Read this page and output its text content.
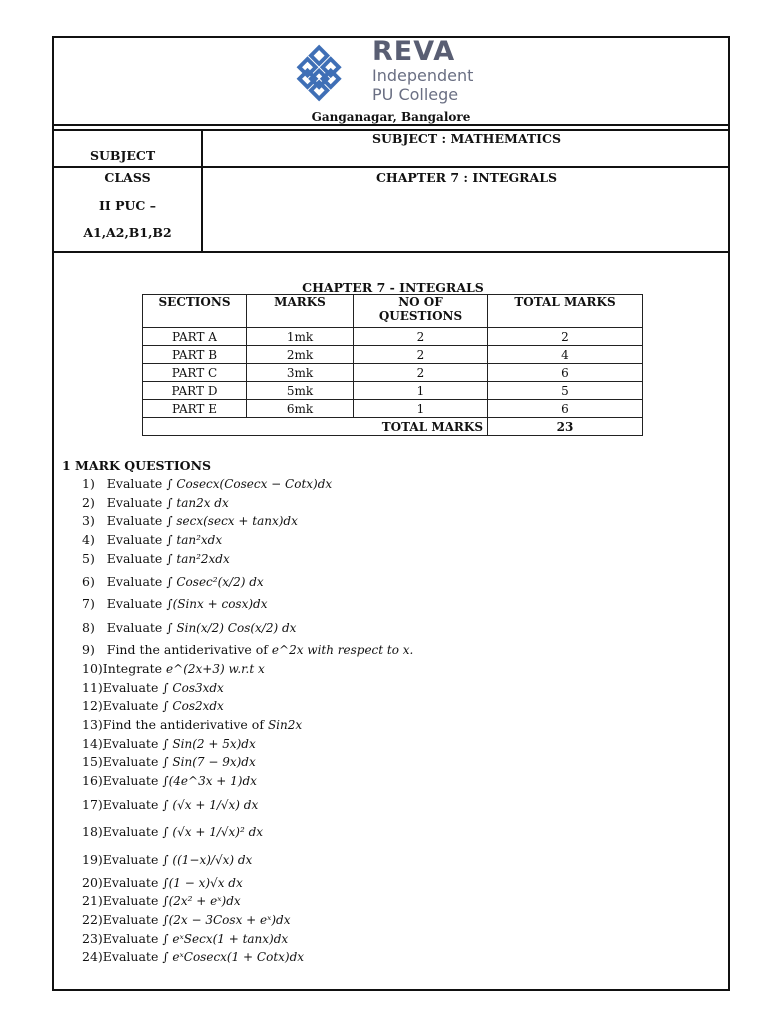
REVA
Independent
PU College
Ganganagar, Bangalore
SUBJECT
SUBJECT : MATHEMATICS
CLASS
II PUC –
A1,A2,B1,B2
CHAPTER 7 : INTEGRALS
CHAPTER 7 - INTEGRALS
SECTIONS	MARKS	NO OF QUESTIONS	TOTAL MARKS
PART A	1mk	2	2
PART B	2mk	2	4
PART C	3mk	2	6
PART D	5mk	1	5
PART E	6mk	1	6
TOTAL MARKS			23
1 MARK QUESTIONS
1) Evaluate ∫ Cosecx(Cosecx − Cotx)dx
2) Evaluate ∫ tan2x dx
3) Evaluate ∫ secx(secx + tanx)dx
4) Evaluate ∫ tan²xdx
5) Evaluate ∫ tan²2xdx
6) Evaluate ∫ Cosec²(x/2) dx
7) Evaluate ∫(Sinx + cosx)dx
8) Evaluate ∫ Sin(x/2) Cos(x/2) dx
9) Find the antiderivative of e^2x with respect to x.
10)Integrate e^(2x+3) w.r.t x
11)Evaluate ∫ Cos3xdx
12)Evaluate ∫ Cos2xdx
13)Find the antiderivative of Sin2x
14)Evaluate ∫ Sin(2 + 5x)dx
15)Evaluate ∫ Sin(7 − 9x)dx
16)Evaluate ∫(4e^3x + 1)dx
17)Evaluate ∫ (√x + 1/√x) dx
18)Evaluate ∫ (√x + 1/√x)² dx
19)Evaluate ∫ ((1−x)/√x) dx
20)Evaluate ∫(1 − x)√x dx
21)Evaluate ∫(2x² + eˣ)dx
22)Evaluate ∫(2x − 3Cosx + eˣ)dx
23)Evaluate ∫ eˣSecx(1 + tanx)dx
24)Evaluate ∫ eˣCosecx(1 + Cotx)dx
